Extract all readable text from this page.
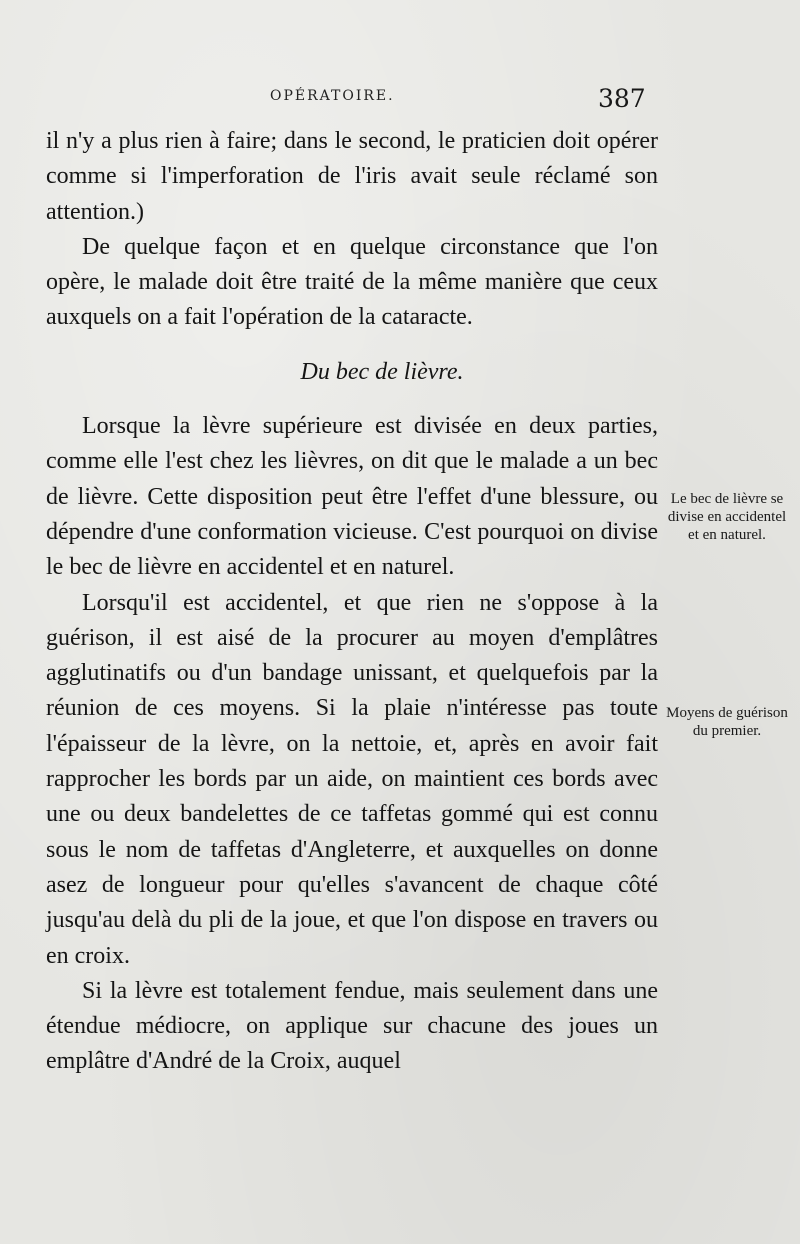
OPÉRATOIRE.	387

il n'y a plus rien à faire; dans le second, le praticien doit opérer comme si l'imperforation de l'iris avait seule réclamé son attention.)

De quelque façon et en quelque circonstance que l'on opère, le malade doit être traité de la même manière que ceux auxquels on a fait l'opération de la cataracte.

Du bec de lièvre.

Lorsque la lèvre supérieure est divisée en deux parties, comme elle l'est chez les lièvres, on dit que le malade a un bec de lièvre. Cette disposition peut être l'effet d'une blessure, ou dépendre d'une conformation vicieuse. C'est pourquoi on divise le bec de lièvre en accidentel et en naturel.

Lorsqu'il est accidentel, et que rien ne s'oppose à la guérison, il est aisé de la procurer au moyen d'emplâtres agglutinatifs ou d'un bandage unissant, et quelquefois par la réunion de ces moyens. Si la plaie n'intéresse pas toute l'épaisseur de la lèvre, on la nettoie, et, après en avoir fait rapprocher les bords par un aide, on maintient ces bords avec une ou deux bandelettes de ce taffetas gommé qui est connu sous le nom de taffetas d'Angleterre, et auxquelles on donne asez de longueur pour qu'elles s'avancent de chaque côté jusqu'au delà du pli de la joue, et que l'on dispose en travers ou en croix.

Si la lèvre est totalement fendue, mais seulement dans une étendue médiocre, on applique sur chacune des joues un emplâtre d'André de la Croix, auquel

Le bec de lièvre se divise en accidentel et en naturel.
Moyens de guérison du premier.
